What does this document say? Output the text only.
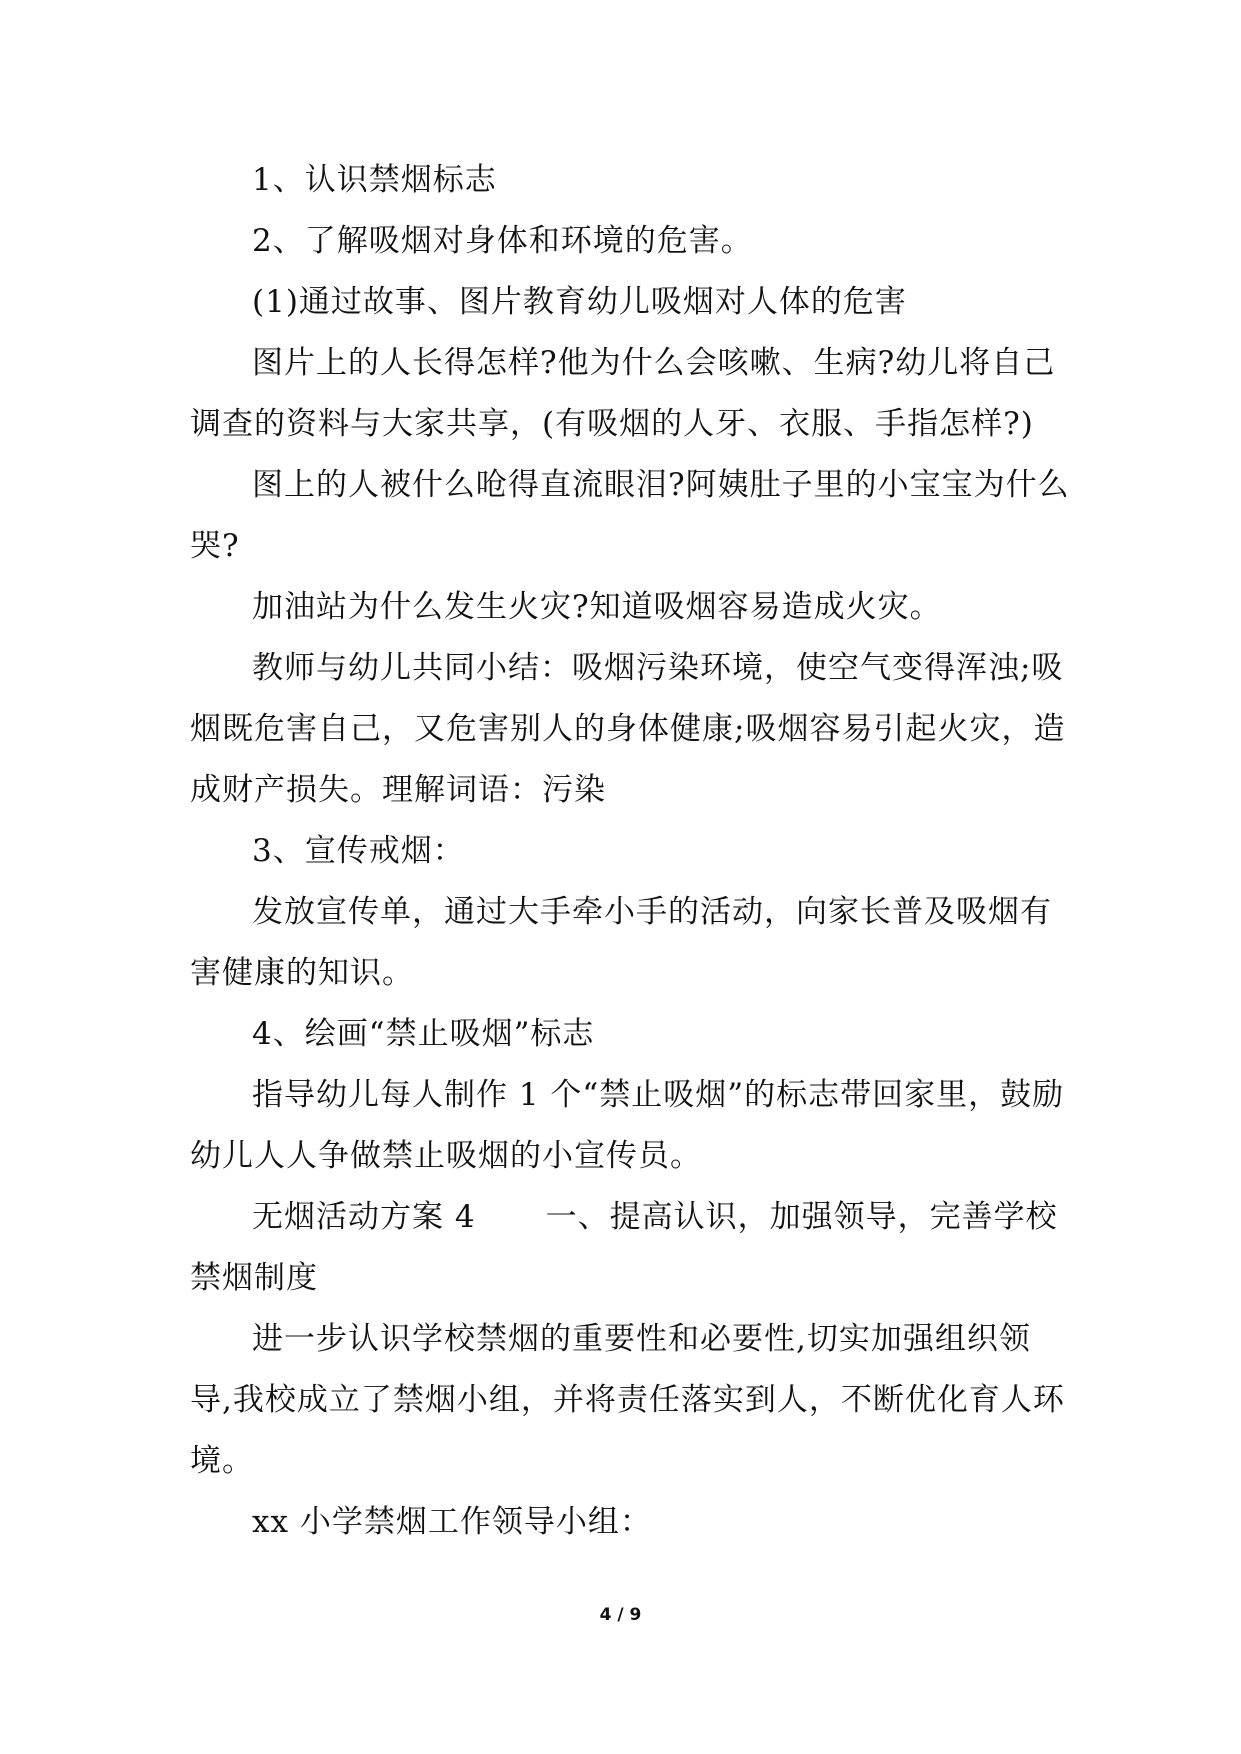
1、认识禁烟标志

2、了解吸烟对身体和环境的危害。

(1)通过故事、图片教育幼儿吸烟对人体的危害

图片上的人长得怎样?他为什么会咳嗽、生病?幼儿将自己调查的资料与大家共享，(有吸烟的人牙、衣服、手指怎样?)

图上的人被什么呛得直流眼泪?阿姨肚子里的小宝宝为什么哭?

加油站为什么发生火灾?知道吸烟容易造成火灾。

教师与幼儿共同小结：吸烟污染环境，使空气变得浑浊;吸烟既危害自己，又危害别人的身体健康;吸烟容易引起火灾，造成财产损失。理解词语：污染

3、宣传戒烟：

发放宣传单，通过大手牵小手的活动，向家长普及吸烟有害健康的知识。

4、绘画“禁止吸烟”标志

指导幼儿每人制作 1 个“禁止吸烟”的标志带回家里，鼓励幼儿人人争做禁止吸烟的小宣传员。

无烟活动方案 4 一、提高认识，加强领导，完善学校禁烟制度

进一步认识学校禁烟的重要性和必要性,切实加强组织领导,我校成立了禁烟小组，并将责任落实到人，不断优化育人环境。

xx 小学禁烟工作领导小组：

4 / 9
